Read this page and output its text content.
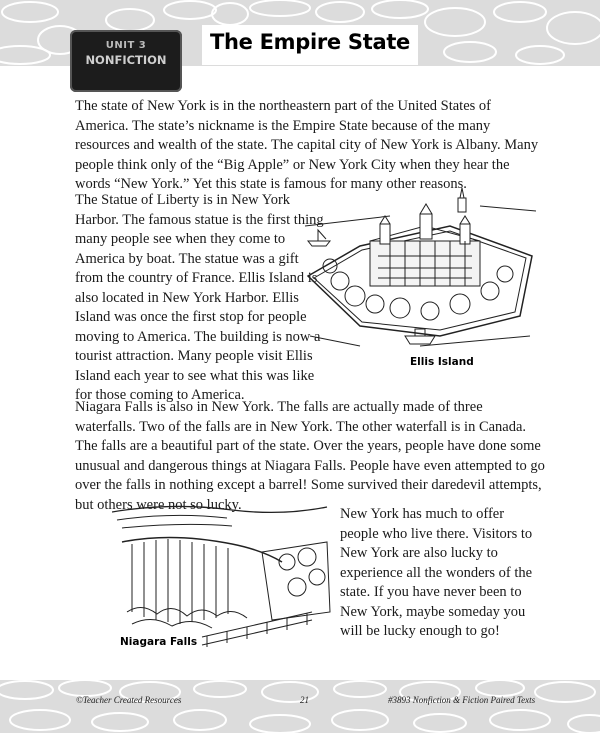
The Empire State
UNIT 3
NONFICTION

The state of New York is in the northeastern part of the United States of America. The state’s nickname is the Empire State because of the many resources and wealth of the state. The capital city of New York is Albany. Many people think only of the “Big Apple” or New York City when they hear the words “New York.” Yet this state is famous for many other reasons.

The Statue of Liberty is in New York Harbor. The famous statue is the first thing many people see when they come to America by boat. The statue was a gift from the country of France. Ellis Island is also located in New York Harbor. Ellis Island was once the first stop for people moving to America. The building is now a tourist attraction. Many people visit Ellis Island each year to see what this was like for those coming to America.

Niagara Falls is also in New York. The falls are actually made of three waterfalls. Two of the falls are in New York. The other waterfall is in Canada. The falls are a beautiful part of the state. Over the years, people have done some unusual and dangerous things at Niagara Falls. People have even attempted to go over the falls in nothing except a barrel! Some survived their daredevil attempts, but others were not so lucky.

New York has much to offer people who live there. Visitors to New York are also lucky to experience all the wonders of the state. If you have never been to New York, maybe someday you will be lucky enough to go!

Ellis Island
Niagara Falls
©Teacher Created Resources	21	#3893 Nonfiction & Fiction Paired Texts
